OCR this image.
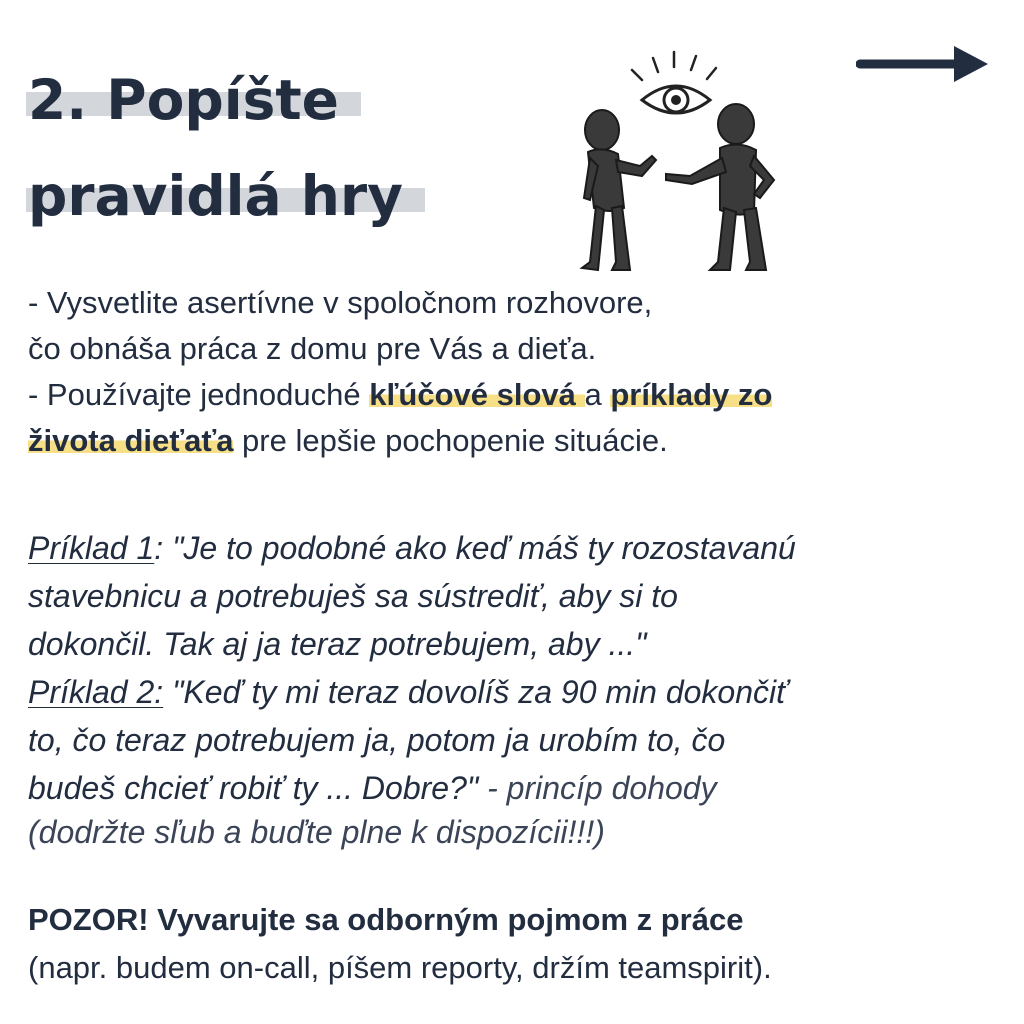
2. Popíšte
pravidlá hry

- Vysvetlite asertívne v spoločnom rozhovore,

čo obnáša práca z domu pre Vás a dieťa.

- Používajte jednoduché kľúčové slová a príklady zo

života dieťaťa pre lepšie pochopenie situácie.

Príklad 1: "Je to podobné ako keď máš ty rozostavanú

stavebnicu a potrebuješ sa sústrediť, aby si to

dokončil. Tak aj ja teraz potrebujem, aby ..."

Príklad 2: "Keď ty mi teraz dovolíš za 90 min dokončiť

to, čo teraz potrebujem ja, potom ja urobím to, čo

budeš chcieť robiť ty ... Dobre?" - princíp dohody

(dodržte sľub a buďte plne k dispozícii!!!)

POZOR! Vyvarujte sa odborným pojmom z práce

(napr. budem on-call, píšem reporty, držím teamspirit).
